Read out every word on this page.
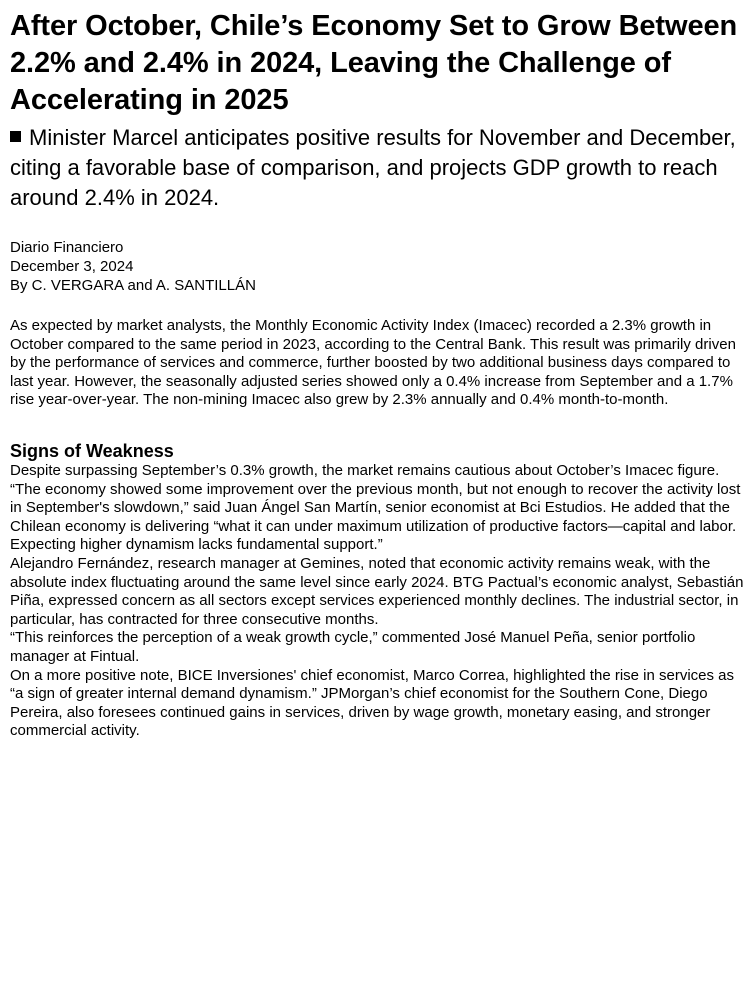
After October, Chile’s Economy Set to Grow Between 2.2% and 2.4% in 2024, Leaving the Challenge of Accelerating in 2025

Minister Marcel anticipates positive results for November and December, citing a favorable base of comparison, and projects GDP growth to reach around 2.4% in 2024.

Diario Financiero
December 3, 2024
By C. VERGARA and A. SANTILLÁN

As expected by market analysts, the Monthly Economic Activity Index (Imacec) recorded a 2.3% growth in October compared to the same period in 2023, according to the Central Bank. This result was primarily driven by the performance of services and commerce, further boosted by two additional business days compared to last year. However, the seasonally adjusted series showed only a 0.4% increase from September and a 1.7% rise year-over-year. The non-mining Imacec also grew by 2.3% annually and 0.4% month-to-month.

Signs of Weakness

Despite surpassing September’s 0.3% growth, the market remains cautious about October’s Imacec figure.

“The economy showed some improvement over the previous month, but not enough to recover the activity lost in September's slowdown,” said Juan Ángel San Martín, senior economist at Bci Estudios. He added that the Chilean economy is delivering “what it can under maximum utilization of productive factors—capital and labor. Expecting higher dynamism lacks fundamental support.”

Alejandro Fernández, research manager at Gemines, noted that economic activity remains weak, with the absolute index fluctuating around the same level since early 2024. BTG Pactual’s economic analyst, Sebastián Piña, expressed concern as all sectors except services experienced monthly declines. The industrial sector, in particular, has contracted for three consecutive months.

“This reinforces the perception of a weak growth cycle,” commented José Manuel Peña, senior portfolio manager at Fintual.

On a more positive note, BICE Inversiones' chief economist, Marco Correa, highlighted the rise in services as “a sign of greater internal demand dynamism.” JPMorgan’s chief economist for the Southern Cone, Diego Pereira, also foresees continued gains in services, driven by wage growth, monetary easing, and stronger commercial activity.
